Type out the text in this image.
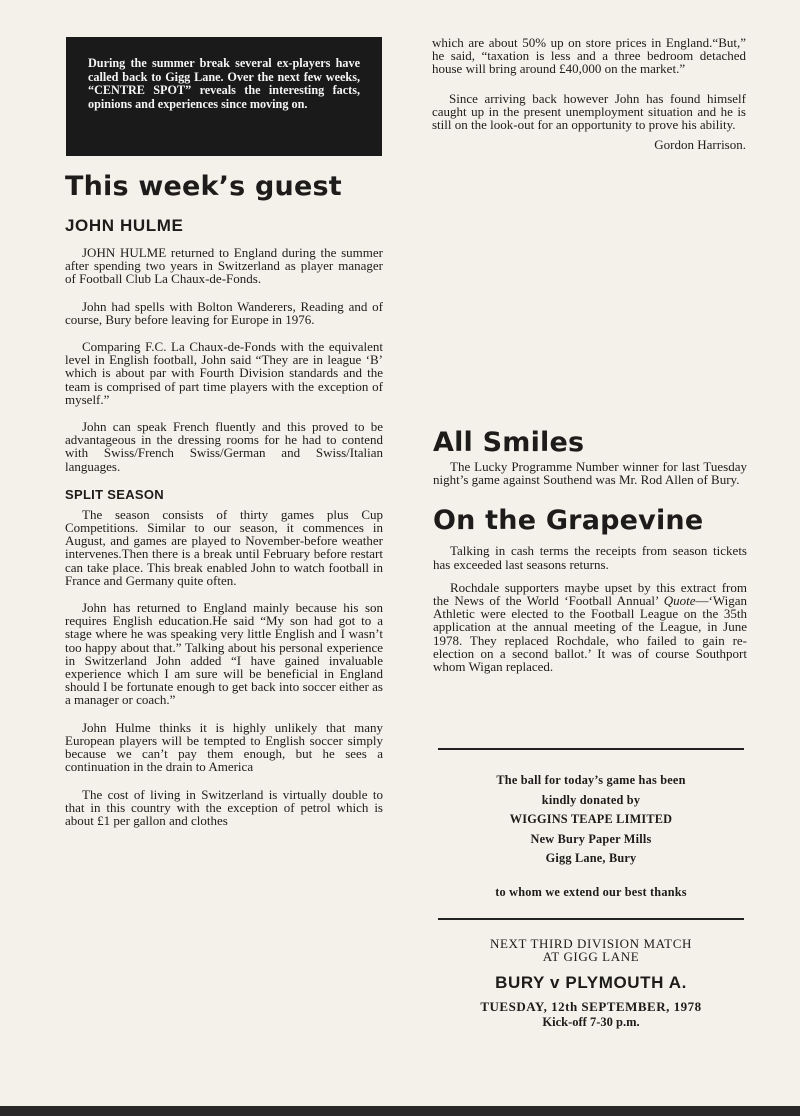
During the summer break several ex-players have called back to Gigg Lane. Over the next few weeks, “CENTRE SPOT” reveals the interesting facts, opinions and experiences since moving on.

This week’s guest
JOHN HULME

JOHN HULME returned to England during the summer after spending two years in Switzerland as player manager of Football Club La Chaux-de-Fonds.

John had spells with Bolton Wanderers, Reading and of course, Bury before leaving for Europe in 1976.

Comparing F.C. La Chaux-de-Fonds with the equivalent level in English football, John said “They are in league ‘B’ which is about par with Fourth Division standards and the team is comprised of part time players with the exception of myself.”

John can speak French fluently and this proved to be advantageous in the dressing rooms for he had to contend with Swiss/French Swiss/German and Swiss/Italian languages.

SPLIT SEASON

The season consists of thirty games plus Cup Competitions. Similar to our season, it commences in August, and games are played to November-before weather intervenes.Then there is a break until February before restart can take place. This break enabled John to watch football in France and Germany quite often.

John has returned to England mainly because his son requires English education.He said “My son had got to a stage where he was speaking very little English and I wasn’t too happy about that.” Talking about his personal experience in Switzerland John added “I have gained invaluable experience which I am sure will be beneficial in England should I be fortunate enough to get back into soccer either as a manager or coach.”

John Hulme thinks it is highly unlikely that many European players will be tempted to English soccer simply because we can’t pay them enough, but he sees a continuation in the drain to America

The cost of living in Switzerland is virtually double to that in this country with the exception of petrol which is about £1 per gallon and clothes

which are about 50% up on store prices in England.“But,” he said, “taxation is less and a three bedroom detached house will bring around £40,000 on the market.”

Since arriving back however John has found himself caught up in the present unemployment situation and he is still on the look-out for an opportunity to prove his ability.

Gordon Harrison.

All Smiles

The Lucky Programme Number winner for last Tuesday night’s game against Southend was Mr. Rod Allen of Bury.

On the Grapevine

Talking in cash terms the receipts from season tickets has exceeded last seasons returns.

Rochdale supporters maybe upset by this extract from the News of the World ‘Football Annual’ Quote—‘Wigan Athletic were elected to the Football League on the 35th application at the annual meeting of the League, in June 1978. They replaced Rochdale, who failed to gain re-election on a second ballot.’ It was of course Southport whom Wigan replaced.

The ball for today’s game has been
kindly donated by
WIGGINS TEAPE LIMITED
New Bury Paper Mills
Gigg Lane, Bury
to whom we extend our best thanks
NEXT THIRD DIVISION MATCH
AT GIGG LANE
BURY v PLYMOUTH A.
TUESDAY, 12th SEPTEMBER, 1978
Kick-off 7-30 p.m.
